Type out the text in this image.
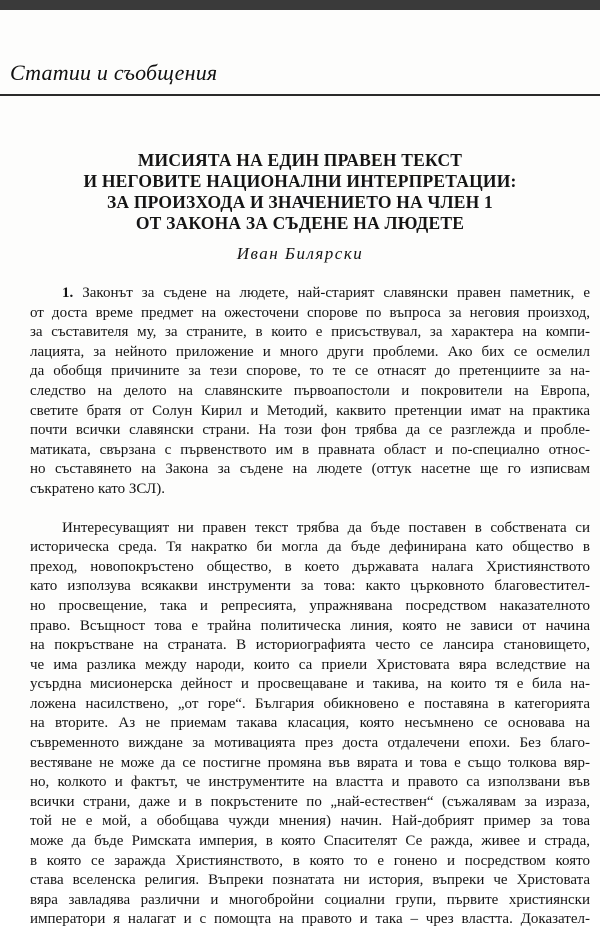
Статии и съобщения
МИСИЯТА НА ЕДИН ПРАВЕН ТЕКСТ
И НЕГОВИТЕ НАЦИОНАЛНИ ИНТЕРПРЕТАЦИИ:
ЗА ПРОИЗХОДА И ЗНАЧЕНИЕТО НА ЧЛЕН 1
ОТ ЗАКОНА ЗА СЪДЕНЕ НА ЛЮДЕТЕ
Иван Билярски
1. Законът за съдене на людете, най-старият славянски правен паметник, е
от доста време предмет на ожесточени спорове по въпроса за неговия произход,
за съставителя му, за страните, в които е присъствувал, за характера на компи-
лацията, за нейното приложение и много други проблеми. Ако бих се осмелил
да обобщя причините за тези спорове, то те се отнасят до претенциите за на-
следство на делото на славянските първоапостоли и покровители на Европа,
светите братя от Солун Кирил и Методий, каквито претенции имат на практика
почти всички славянски страни. На този фон трябва да се разглежда и пробле-
матиката, свързана с първенството им в правната област и по-специално относ-
но съставянето на Закона за съдене на людете (оттук насетне ще го изписвам
съкратено като ЗСЛ).
Интересуващият ни правен текст трябва да бъде поставен в собствената си
историческа среда. Тя накратко би могла да бъде дефинирана като общество в
преход, новопокръстено общество, в което държавата налага Християнството
като използува всякакви инструменти за това: както църковното благовестител-
но просвещение, така и репресията, упражнявана посредством наказателното
право. Всъщност това е трайна политическа линия, която не зависи от начина
на покръстване на страната. В историографията често се лансира становището,
че има разлика между народи, които са приели Христовата вяра вследствие на
усърдна мисионерска дейност и просвещаване и такива, на които тя е била на-
ложена насилствено, „от горе“. България обикновено е поставяна в категорията
на вторите. Аз не приемам такава класация, която несъмнено се основава на
съвременното виждане за мотивацията през доста отдалечени епохи. Без благо-
вестяване не може да се постигне промяна във вярата и това е също толкова вяр-
но, колкото и фактът, че инструментите на властта и правото са използвани във
всички страни, даже и в покръстените по „най-естествен“ (съжалявам за израза,
той не е мой, а обобщава чужди мнения) начин. Най-добрият пример за това
може да бъде Римската империя, в която Спасителят Се ражда, живее и страда,
в която се заражда Християнството, в която то е гонено и посредством която
става вселенска религия. Въпреки познатата ни история, въпреки че Христовата
вяра завладява различни и многобройни социални групи, първите християнски
императори я налагат и с помощта на правото и така – чрез властта. Доказател-
